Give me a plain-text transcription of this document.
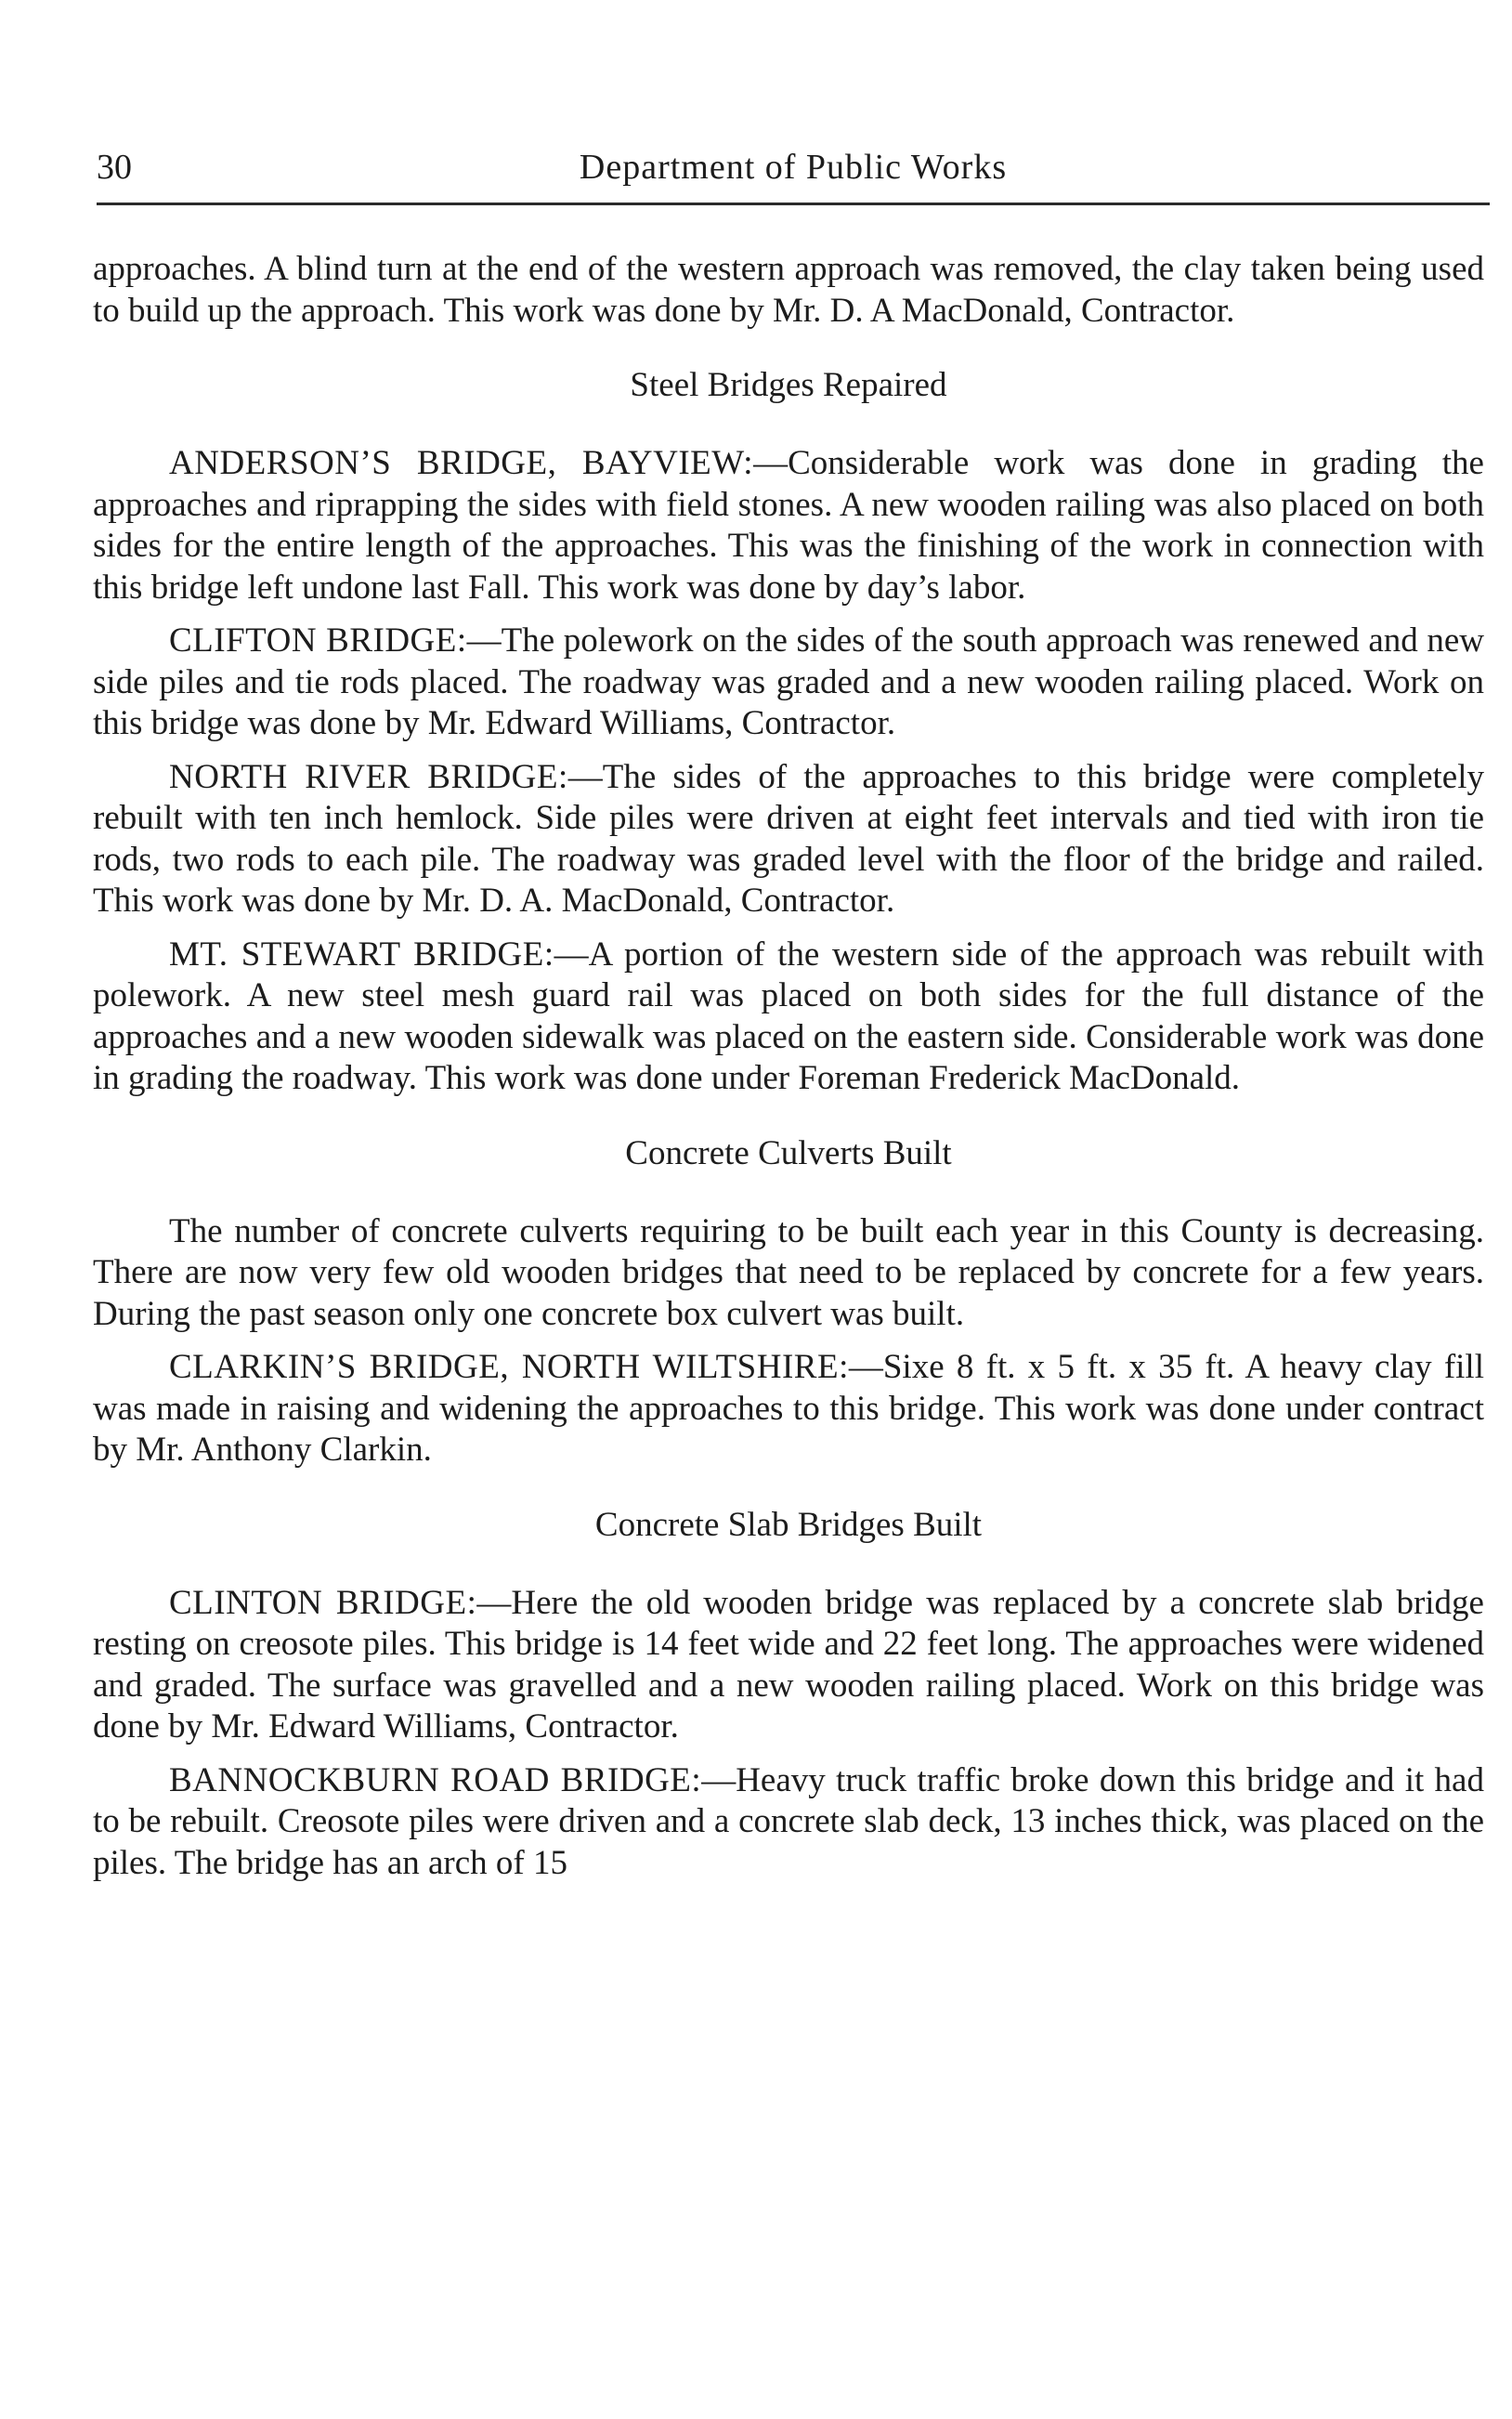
30	Department of Public Works

approaches. A blind turn at the end of the western approach was removed, the clay taken being used to build up the approach. This work was done by Mr. D. A MacDonald, Contractor.

Steel Bridges Repaired

ANDERSON’S BRIDGE, BAYVIEW:—Considerable work was done in grading the approaches and riprapping the sides with field stones. A new wooden railing was also placed on both sides for the entire length of the approaches. This was the finishing of the work in connection with this bridge left undone last Fall. This work was done by day’s labor.

CLIFTON BRIDGE:—The polework on the sides of the south approach was renewed and new side piles and tie rods placed. The roadway was graded and a new wooden railing placed. Work on this bridge was done by Mr. Edward Williams, Contractor.

NORTH RIVER BRIDGE:—The sides of the approaches to this bridge were completely rebuilt with ten inch hemlock. Side piles were driven at eight feet intervals and tied with iron tie rods, two rods to each pile. The roadway was graded level with the floor of the bridge and railed. This work was done by Mr. D. A. MacDonald, Contractor.

MT. STEWART BRIDGE:—A portion of the western side of the approach was rebuilt with polework. A new steel mesh guard rail was placed on both sides for the full distance of the approaches and a new wooden sidewalk was placed on the eastern side. Considerable work was done in grading the roadway. This work was done under Foreman Frederick MacDonald.

Concrete Culverts Built

The number of concrete culverts requiring to be built each year in this County is decreasing. There are now very few old wooden bridges that need to be replaced by concrete for a few years. During the past season only one concrete box culvert was built.

CLARKIN’S BRIDGE, NORTH WILTSHIRE:—Sixe 8 ft. x 5 ft. x 35 ft. A heavy clay fill was made in raising and widening the approaches to this bridge. This work was done under contract by Mr. Anthony Clarkin.

Concrete Slab Bridges Built

CLINTON BRIDGE:—Here the old wooden bridge was replaced by a concrete slab bridge resting on creosote piles. This bridge is 14 feet wide and 22 feet long. The approaches were widened and graded. The surface was gravelled and a new wooden railing placed. Work on this bridge was done by Mr. Edward Williams, Contractor.

BANNOCKBURN ROAD BRIDGE:—Heavy truck traffic broke down this bridge and it had to be rebuilt. Creosote piles were driven and a concrete slab deck, 13 inches thick, was placed on the piles. The bridge has an arch of 15
